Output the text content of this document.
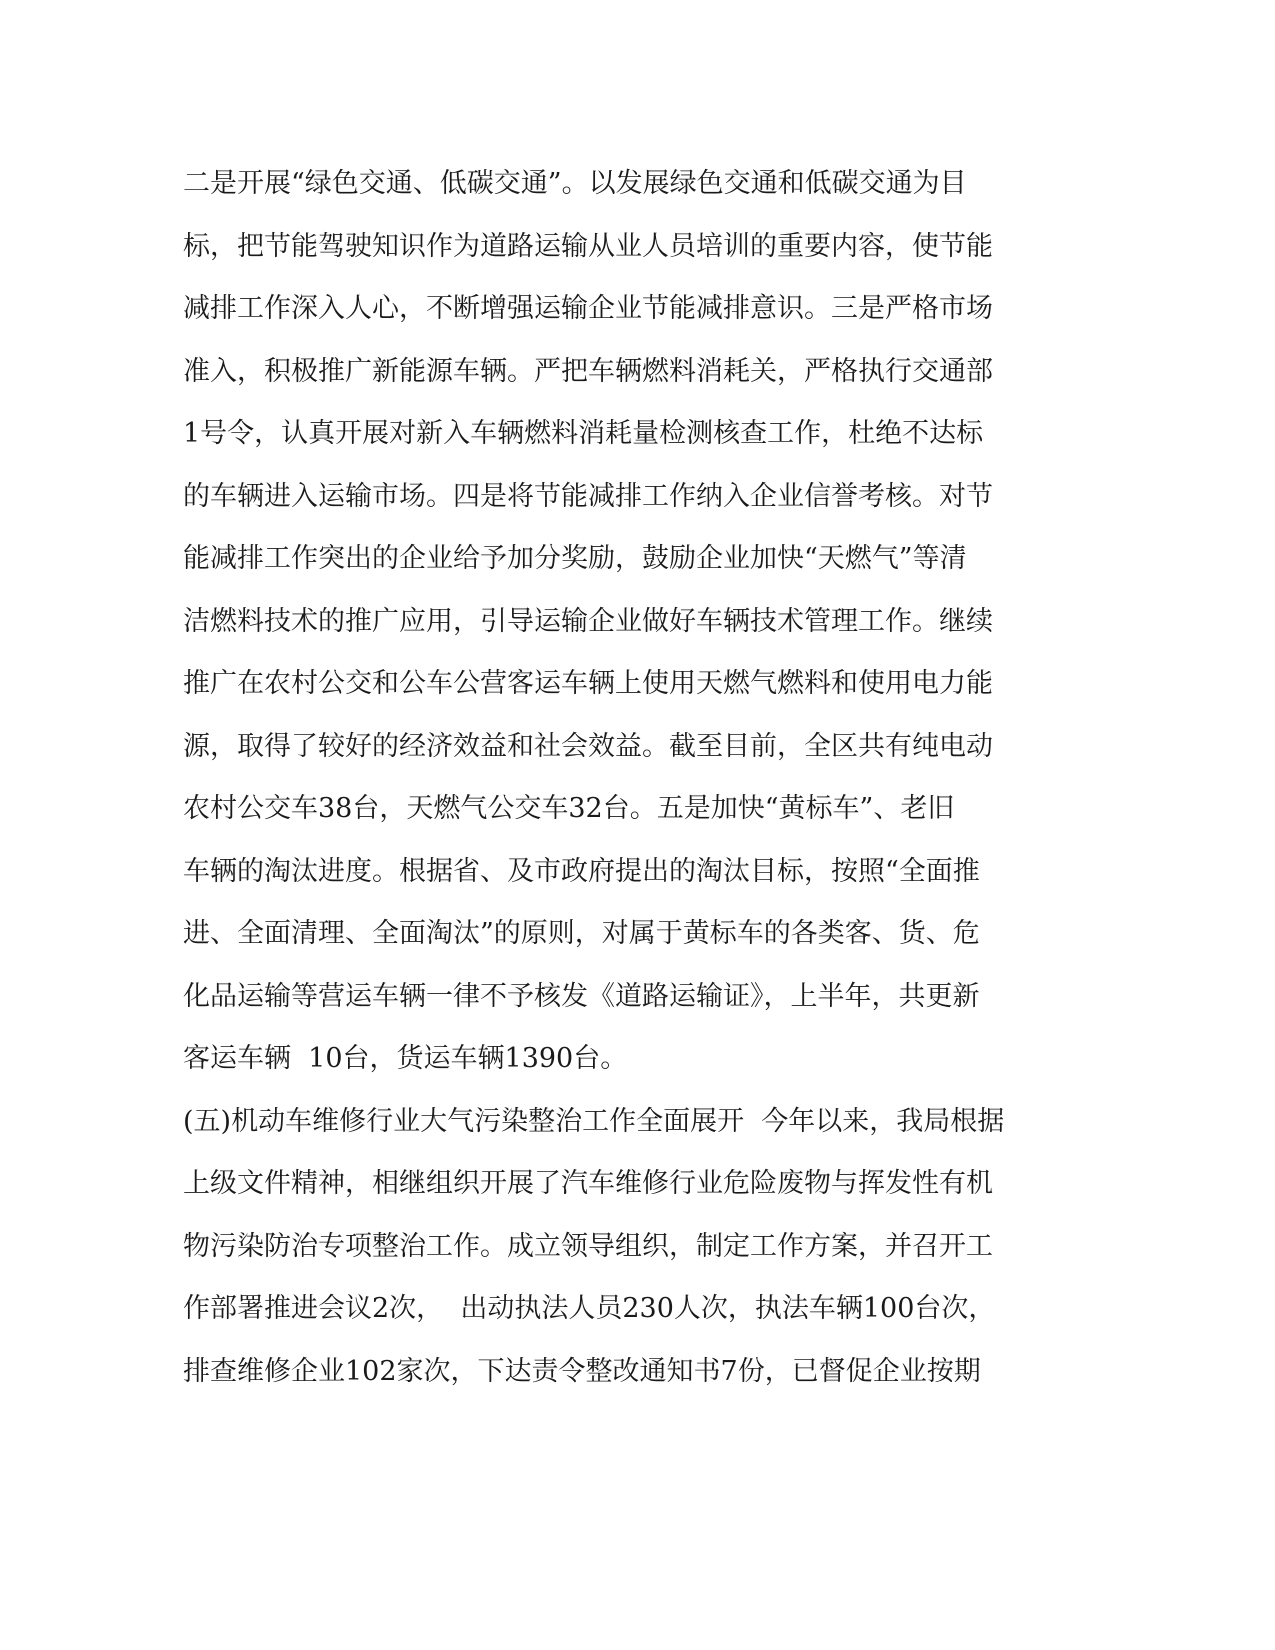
二是开展“绿色交通、低碳交通”。以发展绿色交通和低碳交通为目
标，把节能驾驶知识作为道路运输从业人员培训的重要内容，使节能
减排工作深入人心，不断增强运输企业节能减排意识。三是严格市场
准入，积极推广新能源车辆。严把车辆燃料消耗关，严格执行交通部
1号令，认真开展对新入车辆燃料消耗量检测核查工作，杜绝不达标
的车辆进入运输市场。四是将节能减排工作纳入企业信誉考核。对节
能减排工作突出的企业给予加分奖励，鼓励企业加快“天燃气”等清
洁燃料技术的推广应用，引导运输企业做好车辆技术管理工作。继续
推广在农村公交和公车公营客运车辆上使用天燃气燃料和使用电力能
源，取得了较好的经济效益和社会效益。截至目前，全区共有纯电动
农村公交车38台，天燃气公交车32台。五是加快“黄标车”、老旧
车辆的淘汰进度。根据省、及市政府提出的淘汰目标，按照“全面推
进、全面清理、全面淘汰”的原则，对属于黄标车的各类客、货、危
化品运输等营运车辆一律不予核发《道路运输证》，上半年，共更新
客运车辆  10台，货运车辆1390台。
(五)机动车维修行业大气污染整治工作全面展开  今年以来，我局根据
上级文件精神，相继组织开展了汽车维修行业危险废物与挥发性有机
物污染防治专项整治工作。成立领导组织，制定工作方案，并召开工
作部署推进会议2次，  出动执法人员230人次，执法车辆100台次，
排查维修企业102家次，下达责令整改通知书7份，已督促企业按期
